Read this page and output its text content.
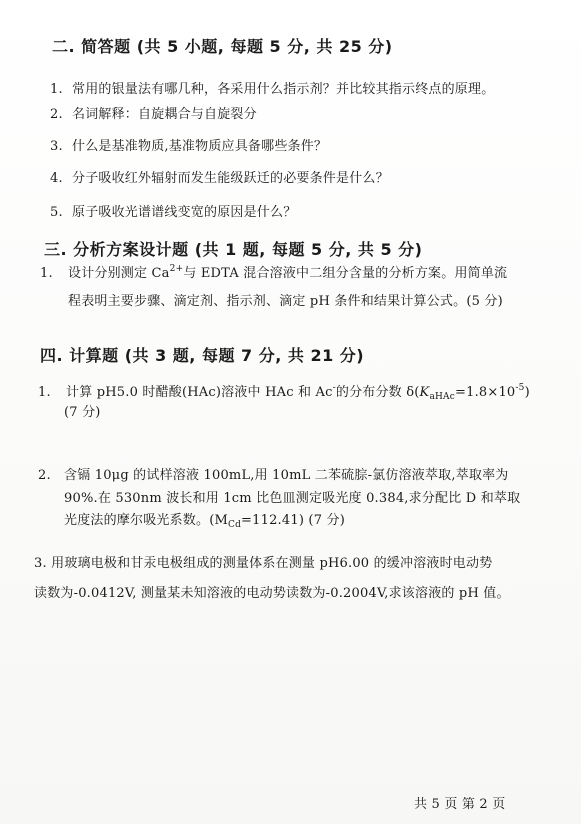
二. 简答题 (共 5 小题, 每题 5 分, 共 25 分)
1. 常用的银量法有哪几种，各采用什么指示剂？并比较其指示终点的原理。
2. 名词解释：自旋耦合与自旋裂分
3. 什么是基准物质,基准物质应具备哪些条件？
4. 分子吸收红外辐射而发生能级跃迁的必要条件是什么？
5. 原子吸收光谱谱线变宽的原因是什么？
三. 分析方案设计题 (共 1 题, 每题 5 分, 共 5 分)
1. 设计分别测定 $Ca^{2+}$与 EDTA 混合溶液中二组分含量的分析方案。用简单流
程表明主要步骤、滴定剂、指示剂、滴定 pH 条件和结果计算公式。(5 分)
四. 计算题 (共 3 题, 每题 7 分, 共 21 分)
1. 计算 pH5.0 时醋酸(HAc)溶液中 HAc 和 Ac-的分布分数 $\delta(K_{aHAc}=1.8\times 10^{-5})$
(7 分)
2. 含镉 10μg 的试样溶液 100mL,用 10mL 二苯硫腙-氯仿溶液萃取,萃取率为
90%.在 530nm 波长和用 1cm 比色皿测定吸光度 0.384,求分配比 D 和萃取
光度法的摩尔吸光系数。$(M_{Cd}=112.41)$ (7 分)
3. 用玻璃电极和甘汞电极组成的测量体系在测量 pH6.00 的缓冲溶液时电动势
读数为-0.0412V, 测量某未知溶液的电动势读数为-0.2004V,求该溶液的 pH 值。
共 5 页 第 2 页
